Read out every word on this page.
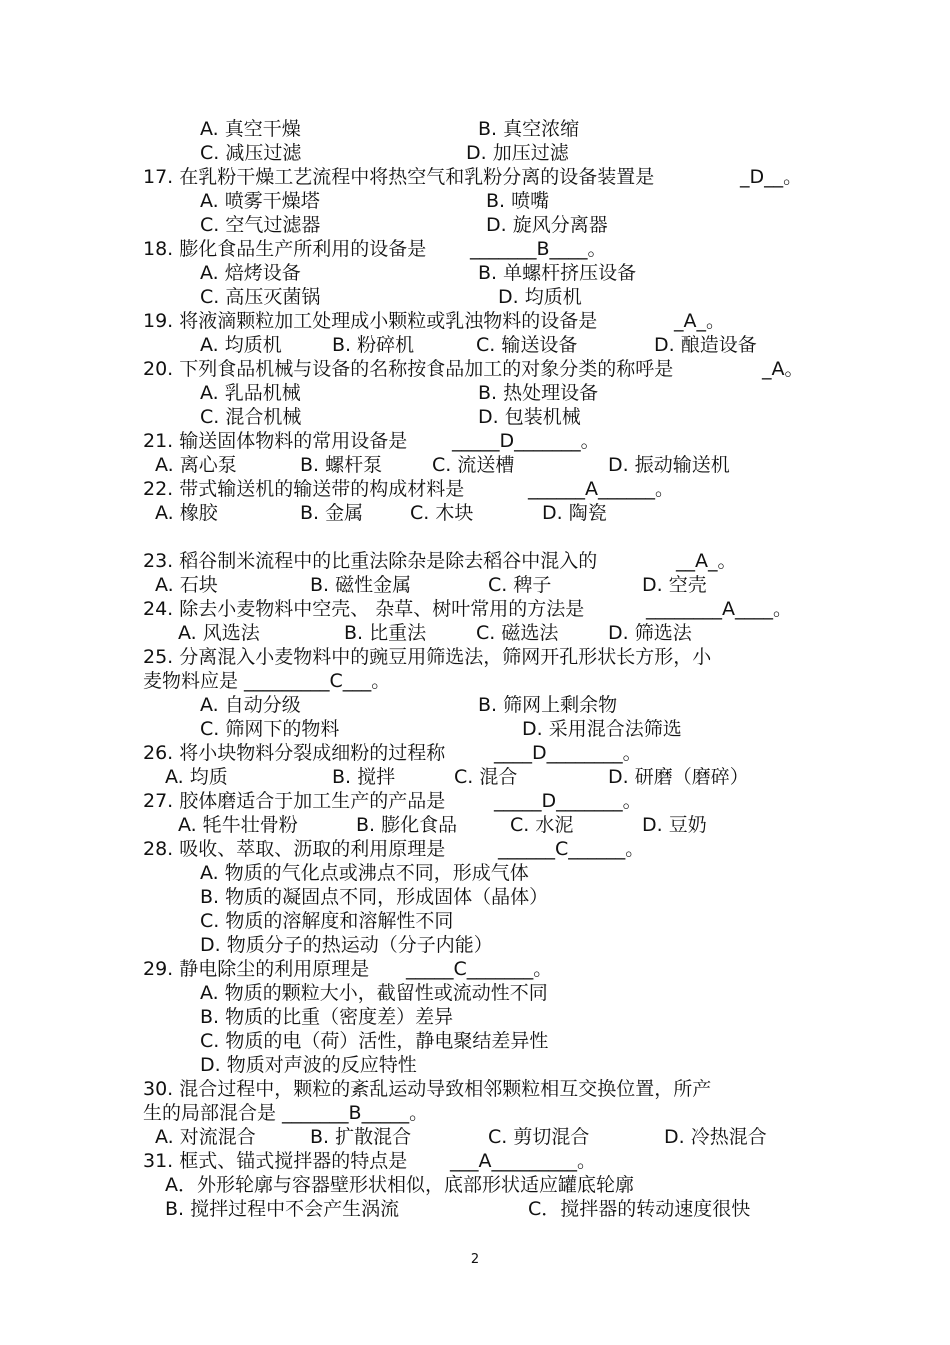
A. 真空干燥	B. 真空浓缩
C. 减压过滤	D. 加压过滤
17. 在乳粉干燥工艺流程中将热空气和乳粉分离的设备装置是	_D__。
A. 喷雾干燥塔	B. 喷嘴
C. 空气过滤器	D. 旋风分离器
18. 膨化食品生产所利用的设备是 _______B____。
A. 焙烤设备	B. 单螺杆挤压设备
C. 高压灭菌锅	D. 均质机
19. 将液滴颗粒加工处理成小颗粒或乳浊物料的设备是	_A_。
A. 均质机	B. 粉碎机	C. 输送设备	D. 酿造设备
20. 下列食品机械与设备的名称按食品加工的对象分类的称呼是	_A。
A. 乳品机械	B. 热处理设备
C. 混合机械	D. 包装机械
21. 输送固体物料的常用设备是 _____D_______。
A. 离心泵	B. 螺杆泵	C. 流送槽	D. 振动输送机
22. 带式输送机的输送带的构成材料是	______A______。
A. 橡胶	B. 金属 C. 木块	D. 陶瓷
23. 稻谷制米流程中的比重法除杂是除去稻谷中混入的	__A_。
A. 石块	B. 磁性金属	C. 稗子	D. 空壳
24. 除去小麦物料中空壳、 杂草、树叶常用的方法是	________A____。
A. 风选法	B. 比重法	C. 磁选法	D. 筛选法
25. 分离混入小麦物料中的豌豆用筛选法，筛网开孔形状长方形，小
麦物料应是 _________C___。
A. 自动分级	B. 筛网上剩余物
C. 筛网下的物料	D. 采用混合法筛选
26. 将小块物料分裂成细粉的过程称	____D________。
A. 均质	B. 搅拌	C. 混合	D. 研磨（磨碎）
27. 胶体磨适合于加工生产的产品是	_____D_______。
A. 牦牛壮骨粉	B. 膨化食品	C. 水泥	D. 豆奶
28. 吸收、萃取、沥取的利用原理是	______C______。
A. 物质的气化点或沸点不同，形成气体
B. 物质的凝固点不同，形成固体（晶体）
C. 物质的溶解度和溶解性不同
D. 物质分子的热运动（分子内能）
29. 静电除尘的利用原理是 _____C_______。
A. 物质的颗粒大小，截留性或流动性不同
B. 物质的比重（密度差）差异
C. 物质的电（荷）活性，静电聚结差异性
D. 物质对声波的反应特性
30. 混合过程中，颗粒的紊乱运动导致相邻颗粒相互交换位置，所产
生的局部混合是 _______B_____。
A. 对流混合	B. 扩散混合	C. 剪切混合	D. 冷热混合
31. 框式、锚式搅拌器的特点是 ___A_________。
A．外形轮廓与容器壁形状相似，底部形状适应罐底轮廓
B. 搅拌过程中不会产生涡流	C．搅拌器的转动速度很快
2
